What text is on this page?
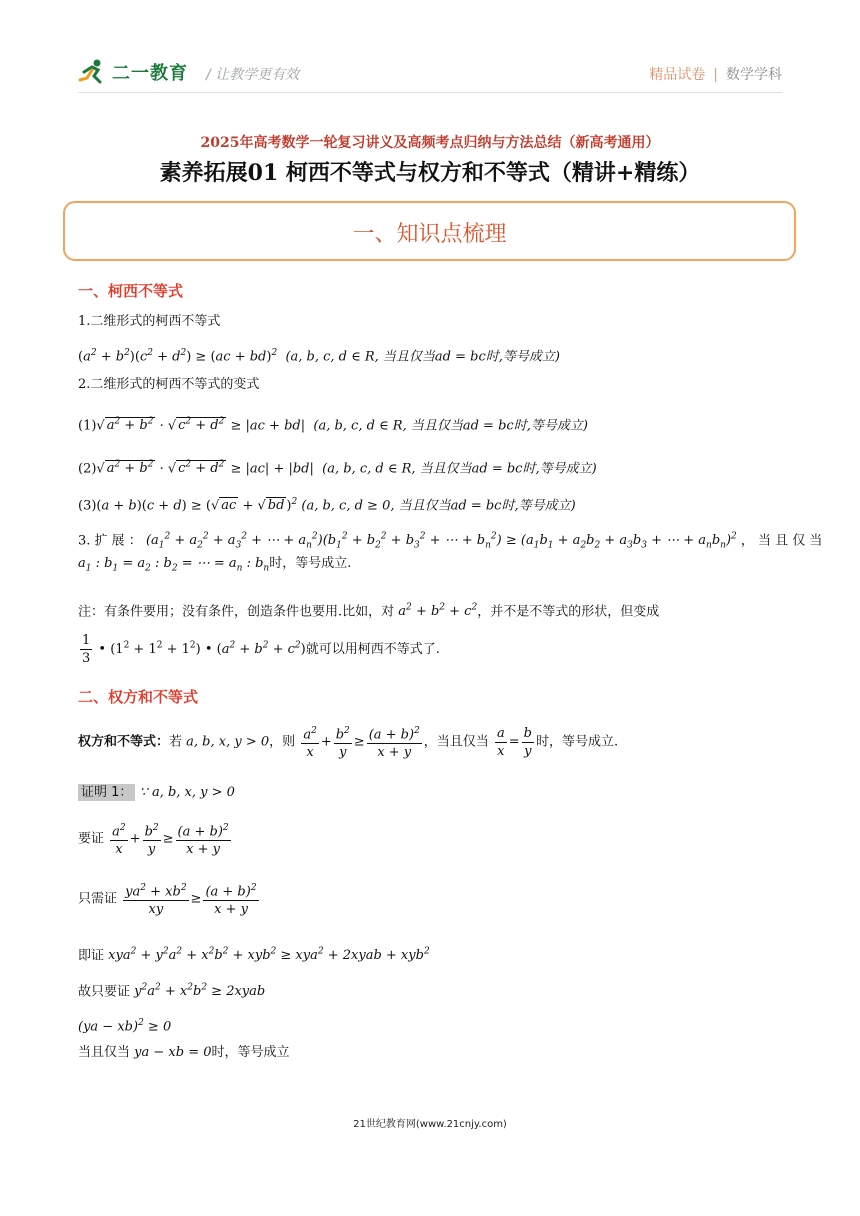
二一教育 / 让教学更有效	精品试卷 | 数学学科
2025年高考数学一轮复习讲义及高频考点归纳与方法总结（新高考通用）
素养拓展01 柯西不等式与权方和不等式（精讲+精练）
一、知识点梳理
一、柯西不等式
1.二维形式的柯西不等式
$(a^2 + b^2)(c^2 + d^2) \ge (ac + bd)^2$ (a, b, c, d ∈ R, 当且仅当ad = bc时,等号成立)
2.二维形式的柯西不等式的变式
(1)√ $a^2 + b^2$ · √ $c^2 + d^2 \ge |ac + bd|$  (a, b, c, d ∈ R, 当且仅当ad = bc时,等号成立)
(2)√ $a^2 + b^2$ · √ $c^2 + d^2 \ge |ac| + |bd|$  (a, b, c, d ∈ R, 当且仅当ad = bc时,等号成立)
(3)(a + b)(c + d) ≥ (√ ac + √ bd )$^2$ (a, b, c, d ≥ 0, 当且仅当ad = bc时,等号成立)
3. 扩 展 ： ($a_1^2 + a_2^2 + a_3^2$ + ⋯ + $a_n^2)(b_1^2 + b_2^2 + b_3^2$ + ⋯ + $b_n^2) \ge (a_1b_1 + a_2b_2 + a_3b_3$ + ⋯ + $a_nb_n)^2$ ， 当 且 仅 当
$a_1$ : $b_1 = a_2$ : $b_2$ = ⋯ = $a_n$ : $b_n$时，等号成立.
注：有条件要用；没有条件，创造条件也要用.比如，对 $a^2 + b^2 + c^2$，并不是不等式的形状，但变成
$\frac{1}{3}$ • $(1^2 + 1^2 + 1^2)$ • $(a^2 + b^2 + c^2)$就可以用柯西不等式了.
二、权方和不等式
权方和不等式：若 a, b, x, y > 0，则 $\frac{a^2}{x} + \frac{b^2}{y} \ge \frac{(a + b)^2}{x + y}$ ，当且仅当 $\frac{a}{x} = \frac{b}{y}$ 时，等号成立.
证明 1： ∵ a, b, x, y > 0
要证 $\frac{a^2}{x} + \frac{b^2}{y} \ge \frac{(a + b)^2}{x + y}$
只需证 $\frac{ya^2 + xb^2}{xy} \ge \frac{(a + b)^2}{x + y}$
即证 $xya^2 + y^2a^2 + x^2b^2 + xyb^2 \ge xya^2$ + 2xyab + xyb$^2$
故只要证 $y^2a^2 + x^2b^2$ ≥ 2xyab
(ya − xb)$^2$ ≥ 0
当且仅当 ya − xb = 0时，等号成立
21世纪教育网(www.21cnjy.com)
